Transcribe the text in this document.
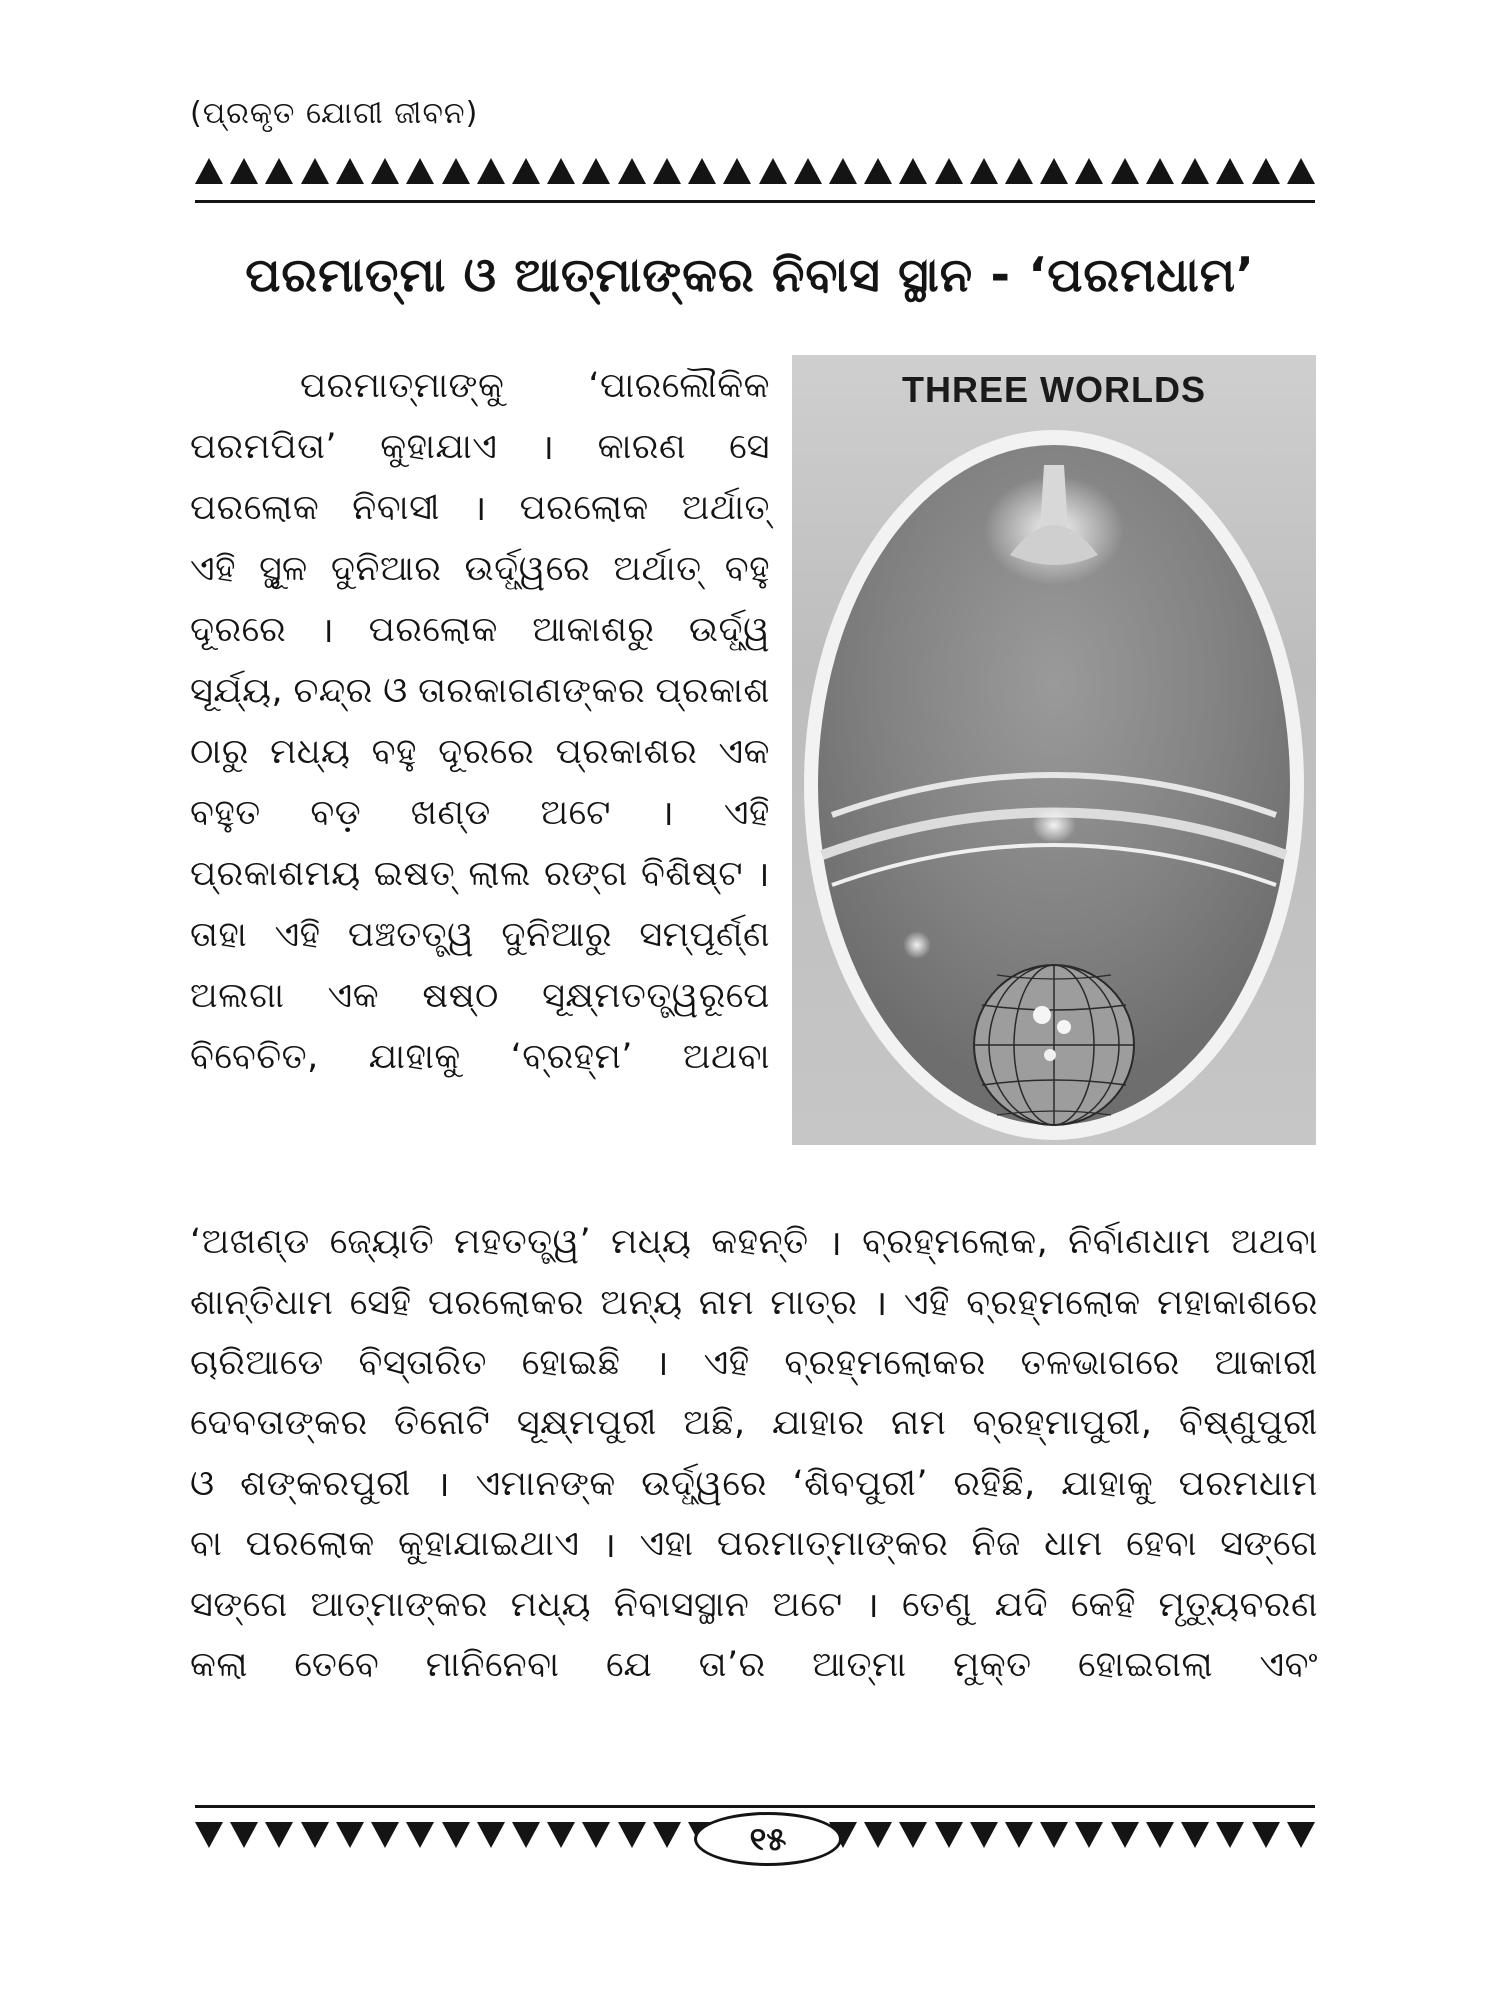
(ପ୍ରକୃତ ଯୋଗୀ ଜୀବନ)
ପରମାତ୍ମା ଓ ଆତ୍ମାଙ୍କର ନିବାସ ସ୍ଥାନ - ‘ପରମଧାମ’
ପରମାତ୍ମାଙ୍କୁ ‘ପାରଲୌକିକ
ପରମପିତା’ କୁହାଯାଏ । କାରଣ ସେ
ପରଲୋକ ନିବାସୀ । ପରଲୋକ ଅର୍ଥାତ୍
ଏହି ସ୍ଥୂଳ ଦୁନିଆର ଉର୍ଦ୍ଧ୍ୱରେ ଅର୍ଥାତ୍ ବହୁ
ଦୂରରେ । ପରଲୋକ ଆକାଶରୁ ଉର୍ଦ୍ଧ୍ୱ
ସୂର୍ଯ୍ୟ, ଚନ୍ଦ୍ର ଓ ତାରକାଗଣଙ୍କର ପ୍ରକାଶ
ଠାରୁ ମଧ୍ୟ ବହୁ ଦୂରରେ ପ୍ରକାଶର ଏକ
ବହୁତ ବଡ଼ ଖଣ୍ଡ ଅଟେ । ଏହି
ପ୍ରକାଶମୟ ଇଷତ୍ ଲାଲ ରଙ୍ଗ ବିଶିଷ୍ଟ ।
ତାହା ଏହି ପଞ୍ଚତତ୍ତ୍ୱ ଦୁନିଆରୁ ସମ୍ପୂର୍ଣ୍ଣ
ଅଲଗା ଏକ ଷଷ୍ଠ ସୂକ୍ଷ୍ମତତ୍ତ୍ୱରୂପେ
ବିବେଚିତ, ଯାହାକୁ ‘ବ୍ରହ୍ମ’ ଅଥବା
THREE WORLDS
‘ଅଖଣ୍ଡ ଜ୍ୟୋତି ମହତତ୍ତ୍ୱ’ ମଧ୍ୟ କହନ୍ତି । ବ୍ରହ୍ମଲୋକ, ନିର୍ବାଣଧାମ ଅଥବା
ଶାନ୍ତିଧାମ ସେହି ପରଲୋକର ଅନ୍ୟ ନାମ ମାତ୍ର । ଏହି ବ୍ରହ୍ମଲୋକ ମହାକାଶରେ
ଚାରିଆଡେ ବିସ୍ତାରିତ ହୋଇଛି । ଏହି ବ୍ରହ୍ମଲୋକର ତଳଭାଗରେ ଆକାରୀ
ଦେବତାଙ୍କର ତିନୋଟି ସୂକ୍ଷ୍ମପୁରୀ ଅଛି, ଯାହାର ନାମ ବ୍ରହ୍ମାପୁରୀ, ବିଷ୍ଣୁପୁରୀ
ଓ ଶଙ୍କରପୁରୀ । ଏମାନଙ୍କ ଉର୍ଦ୍ଧ୍ୱରେ ‘ଶିବପୁରୀ’ ରହିଛି, ଯାହାକୁ ପରମଧାମ
ବା ପରଲୋକ କୁହାଯାଇଥାଏ । ଏହା ପରମାତ୍ମାଙ୍କର ନିଜ ଧାମ ହେବା ସଙ୍ଗେ
ସଙ୍ଗେ ଆତ୍ମାଙ୍କର ମଧ୍ୟ ନିବାସସ୍ଥାନ ଅଟେ । ତେଣୁ ଯଦି କେହି ମୃତ୍ୟୁବରଣ
କଲା ତେବେ ମାନିନେବା ଯେ ତା’ର ଆତ୍ମା ମୁକ୍ତ ହୋଇଗଲା ଏବଂ
୧୫
